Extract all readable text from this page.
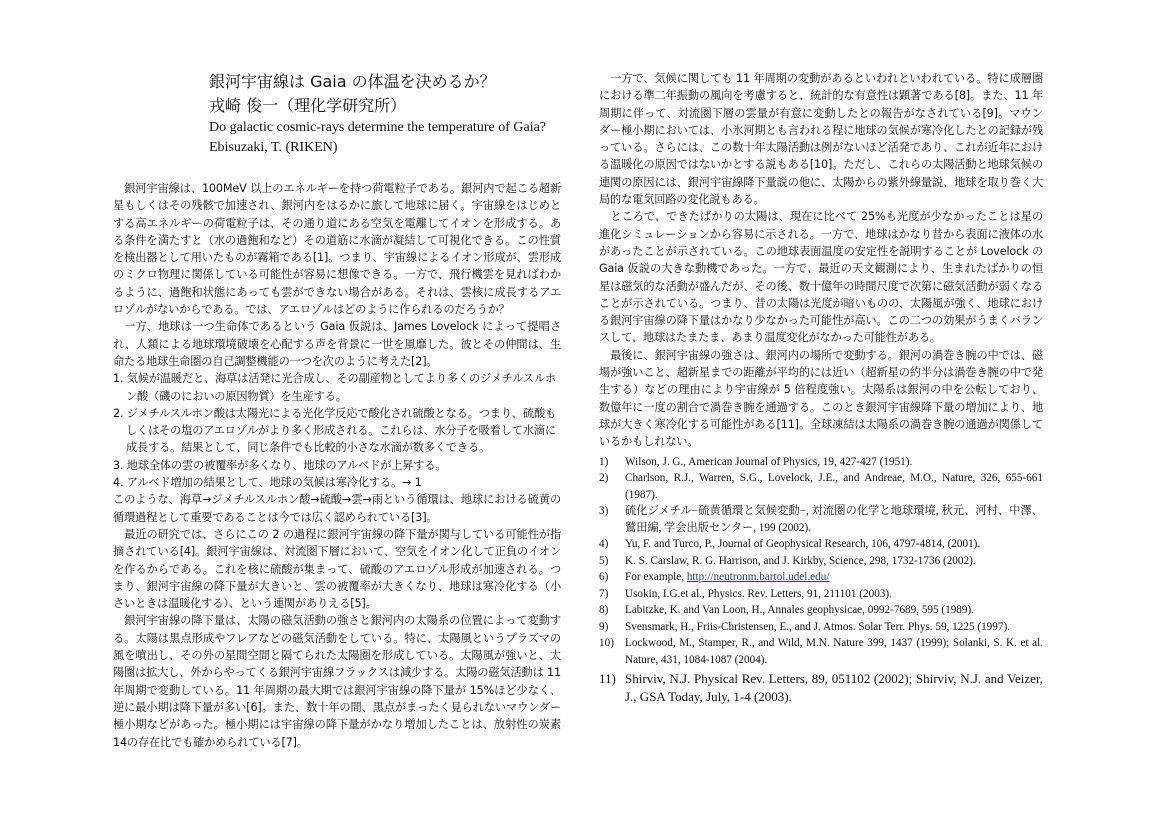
銀河宇宙線は Gaia の体温を決めるか？
戎崎 俊一（理化学研究所）
Do galactic cosmic-rays determine the temperature of Gaia?
Ebisuzaki, T. (RIKEN)

銀河宇宙線は、100MeV 以上のエネルギーを持つ荷電粒子である。銀河内で起こる超新星もしくはその残骸で加速され、銀河内をはるかに旅して地球に届く。宇宙線をはじめとする高エネルギーの荷電粒子は、その通り道にある空気を電離してイオンを形成する。ある条件を満たすと（水の過飽和など）その道筋に水滴が凝結して可視化できる。この性質を検出器として用いたものが霧箱である[1]。つまり、宇宙線によるイオン形成が、雲形成のミクロ物理に関係している可能性が容易に想像できる。一方で、飛行機雲を見ればわかるように、過飽和状態にあっても雲ができない場合がある。それは、雲核に成長するアエロゾルがないからである。では、アエロゾルはどのように作られるのだろうか？

一方、地球は一つ生命体であるという Gaia 仮説は、James Lovelock によって提唱され、人類による地球環境破壊を心配する声を背景に一世を風靡した。彼とその仲間は、生命たる地球生命圏の自己調整機能の一つを次のように考えた[2]。

1. 気候が温暖だと、海草は活発に光合成し、その副産物としてより多くのジメチルスルホン酸（磯のにおいの原因物質）を生産する。
2. ジメチルスルホン酸は太陽光による光化学反応で酸化され硫酸となる。つまり、硫酸もしくはその塩のアエロゾルがより多く形成される。これらは、水分子を吸着して水滴に成長する。結果として、同じ条件でも比較的小さな水滴が数多くできる。
3. 地球全体の雲の被覆率が多くなり、地球のアルベドが上昇する。
4. アルベド増加の結果として、地球の気候は寒冷化する。→ 1

このような、海草→ジメチルスルホン酸→硫酸→雲→雨という循環は、地球における硫黄の循環過程として重要であることは今では広く認められている[3]。

最近の研究では、さらにこの 2 の過程に銀河宇宙線の降下量が関与している可能性が指摘されている[4]。銀河宇宙線は、対流圏下層において、空気をイオン化して正負のイオンを作るからである。これを核に硫酸が集まって、硫酸のアエロゾル形成が加速される。つまり、銀河宇宙線の降下量が大きいと、雲の被覆率が大きくなり、地球は寒冷化する（小さいときは温暖化する）、という連関がありえる[5]。

銀河宇宙線の降下量は、太陽の磁気活動の強さと銀河内の太陽系の位置によって変動する。太陽は黒点形成やフレアなどの磁気活動をしている。特に、太陽風というプラズマの風を噴出し、その外の星間空間と隔てられた太陽圏を形成している。太陽風が強いと、太陽圏は拡大し、外からやってくる銀河宇宙線フラックスは減少する。太陽の磁気活動は 11 年周期で変動している。11 年周期の最大期では銀河宇宙線の降下量が 15%ほど少なく、逆に最小期は降下量が多い[6]。また、数十年の間、黒点がまったく見られないマウンダー極小期などがあった。極小期には宇宙線の降下量がかなり増加したことは、放射性の炭素14の存在比でも確かめられている[7]。

一方で、気候に関しても 11 年周期の変動があるといわれといわれている。特に成層圏における準二年振動の風向を考慮すると、統計的な有意性は顕著である[8]。また、11 年周期に伴って、対流圏下層の雲量が有意に変動したとの報告がなされている[9]。マウンダー極小期においては、小氷河期とも言われる程に地球の気候が寒冷化したとの記録が残っている。さらには、この数十年太陽活動は例がないほど活発であり、これが近年における温暖化の原因ではないかとする説もある[10]。ただし、これらの太陽活動と地球気候の連関の原因には、銀河宇宙線降下量説の他に、太陽からの紫外線量説、地球を取り巻く大局的な電気回路の変化説もある。

ところで、できたばかりの太陽は、現在に比べて 25%も光度が少なかったことは星の進化シミュレーションから容易に示される。一方で、地球はかなり昔から表面に液体の水があったことが示されている。この地球表面温度の安定性を説明することが Lovelock の Gaia 仮説の大きな動機であった。一方で、最近の天文観測により、生まれたばかりの恒星は磁気的な活動が盛んだが、その後、数十億年の時間尺度で次第に磁気活動が弱くなることが示されている。つまり、昔の太陽は光度が暗いものの、太陽風が強く、地球における銀河宇宙線の降下量はかなり少なかった可能性が高い。この二つの効果がうまくバランスして、地球はたまたま、あまり温度変化がなかった可能性がある。

最後に、銀河宇宙線の強さは、銀河内の場所で変動する。銀河の渦巻き腕の中では、磁場が強いこと、超新星までの距離が平均的には近い（超新星の約半分は渦巻き腕の中で発生する）などの理由により宇宙線が 5 倍程度強い。太陽系は銀河の中を公転しており、数億年に一度の割合で渦巻き腕を通過する。このとき銀河宇宙線降下量の増加により、地球が大きく寒冷化する可能性がある[11]。全球凍結は太陽系の渦巻き腕の通過が関係しているかもしれない。

1)	Wilson, J. G., American Journal of Physics, 19, 427-427 (1951).
2)	Charlson, R.J., Warren, S.G., Lovelock, J.E., and Andreae, M.O., Nature, 326, 655-661 (1987).
3)	硫化ジメチル−硫黄循環と気候変動−, 対流圏の化学と地球環境, 秋元、河村、中澤、鷲田編, 学会出版センター, 199 (2002).
4)	Yu, F. and Turco, P., Journal of Geophysical Research, 106, 4797-4814, (2001).
5)	K. S. Carslaw, R. G. Harrison, and J. Kirkby, Science, 298, 1732-1736 (2002).
6)	For example, http://neutronm.bartol.udel.edu/
7)	Usokin, I.G.et al., Physics. Rev. Letters, 91, 211101 (2003).
8)	Labitzke, K. and Van Loon, H., Annales geophysicae, 0992-7689, 595 (1989).
9)	Svensmark, H., Friis-Christensen, E., and J. Atmos. Solar Terr. Phys. 59, 1225 (1997).
10) Lockwood, M., Stamper, R., and Wild, M.N. Nature 399, 1437 (1999); Solanki, S. K. et al. Nature, 431, 1084-1087 (2004).
11) Shirviv, N.J. Physical Rev. Letters, 89, 051102 (2002); Shirviv, N.J. and Veizer, J., GSA Today, July, 1-4 (2003).
